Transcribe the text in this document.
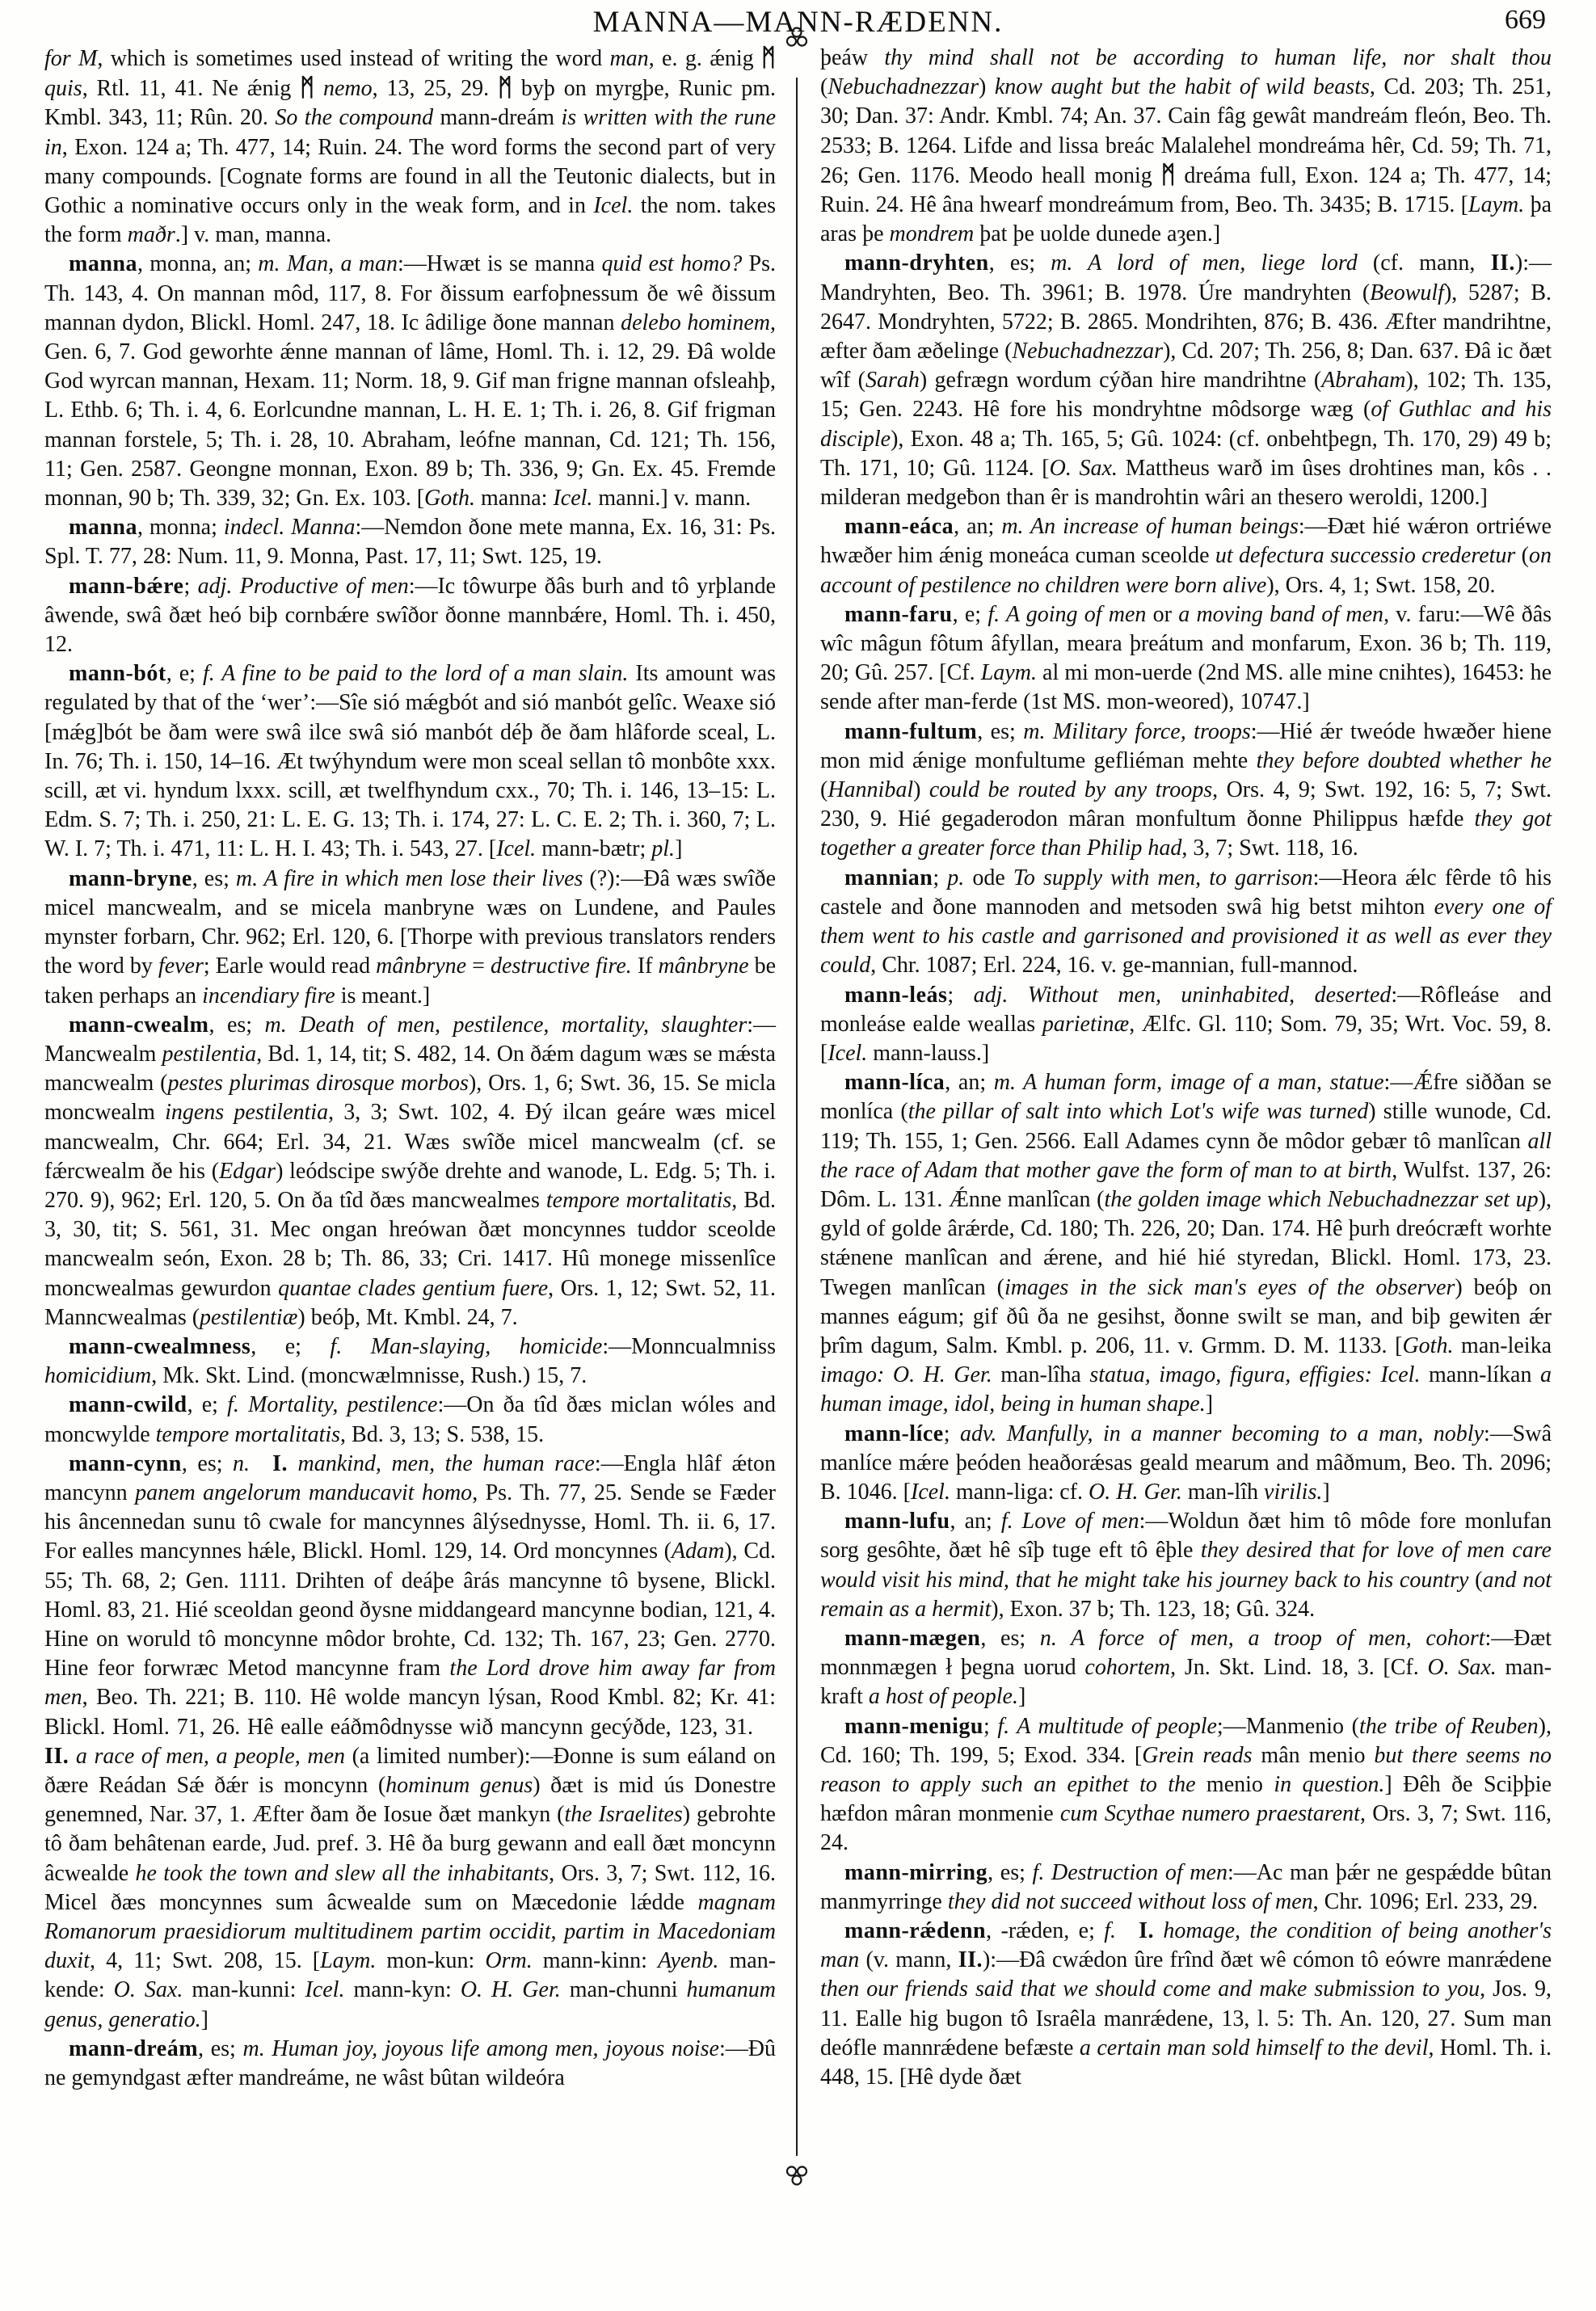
MANNA—MANN-RÆDENN.	669

for M, which is sometimes used instead of writing the word man, e. g. ǽnig ᛗ quis, Rtl. 11, 41. Ne ǽnig ᛗ nemo, 13, 25, 29. ᛗ byþ on myrgþe, Runic pm. Kmbl. 343, 11; Rûn. 20. So the compound mann-dreám is written with the rune in, Exon. 124 a; Th. 477, 14; Ruin. 24. The word forms the second part of very many compounds. [Cognate forms are found in all the Teutonic dialects, but in Gothic a nominative occurs only in the weak form, and in Icel. the nom. takes the form maðr.] v. man, manna.

manna, monna, an; m. Man, a man:—Hwæt is se manna quid est homo? Ps. Th. 143, 4. On mannan môd, 117, 8. For ðissum earfoþnessum ðe wê ðissum mannan dydon, Blickl. Homl. 247, 18. Ic âdilige ðone mannan delebo hominem, Gen. 6, 7. God geworhte ǽnne mannan of lâme, Homl. Th. i. 12, 29. Ðâ wolde God wyrcan mannan, Hexam. 11; Norm. 18, 9. Gif man frigne mannan ofsleahþ, L. Ethb. 6; Th. i. 4, 6. Eorlcundne mannan, L. H. E. 1; Th. i. 26, 8. Gif frigman mannan forstele, 5; Th. i. 28, 10. Abraham, leófne mannan, Cd. 121; Th. 156, 11; Gen. 2587. Geongne monnan, Exon. 89 b; Th. 336, 9; Gn. Ex. 45. Fremde monnan, 90 b; Th. 339, 32; Gn. Ex. 103. [Goth. manna: Icel. manni.] v. mann.

manna, monna; indecl. Manna:—Nemdon ðone mete manna, Ex. 16, 31: Ps. Spl. T. 77, 28: Num. 11, 9. Monna, Past. 17, 11; Swt. 125, 19.

mann-bǽre; adj. Productive of men:—Ic tôwurpe ðâs burh and tô yrþlande âwende, swâ ðæt heó biþ cornbǽre swîðor ðonne mannbǽre, Homl. Th. i. 450, 12.

mann-bót, e; f. A fine to be paid to the lord of a man slain. Its amount was regulated by that of the ‘wer’:—Sîe sió mǽgbót and sió manbót gelîc. Weaxe sió [mǽg]bót be ðam were swâ ilce swâ sió manbót déþ ðe ðam hlâforde sceal, L. In. 76; Th. i. 150, 14–16. Æt twýhyndum were mon sceal sellan tô monbôte xxx. scill, æt vi. hyndum lxxx. scill, æt twelfhyndum cxx., 70; Th. i. 146, 13–15: L. Edm. S. 7; Th. i. 250, 21: L. E. G. 13; Th. i. 174, 27: L. C. E. 2; Th. i. 360, 7; L. W. I. 7; Th. i. 471, 11: L. H. I. 43; Th. i. 543, 27. [Icel. mann-bætr; pl.]

mann-bryne, es; m. A fire in which men lose their lives (?):—Ðâ wæs swîðe micel mancwealm, and se micela manbryne wæs on Lundene, and Paules mynster forbarn, Chr. 962; Erl. 120, 6. [Thorpe with previous translators renders the word by fever; Earle would read mânbryne = destructive fire. If mânbryne be taken perhaps an incendiary fire is meant.]

mann-cwealm, es; m. Death of men, pestilence, mortality, slaughter:—Mancwealm pestilentia, Bd. 1, 14, tit; S. 482, 14. On ðǽm dagum wæs se mǽsta mancwealm (pestes plurimas dirosque morbos), Ors. 1, 6; Swt. 36, 15. Se micla moncwealm ingens pestilentia, 3, 3; Swt. 102, 4. Ðý ilcan geáre wæs micel mancwealm, Chr. 664; Erl. 34, 21. Wæs swîðe micel mancwealm (cf. se fǽrcwealm ðe his (Edgar) leódscipe swýðe drehte and wanode, L. Edg. 5; Th. i. 270. 9), 962; Erl. 120, 5. On ða tîd ðæs mancwealmes tempore mortalitatis, Bd. 3, 30, tit; S. 561, 31. Mec ongan hreówan ðæt moncynnes tuddor sceolde mancwealm seón, Exon. 28 b; Th. 86, 33; Cri. 1417. Hû monege missenlîce moncwealmas gewurdon quantae clades gentium fuere, Ors. 1, 12; Swt. 52, 11. Manncwealmas (pestilentiæ) beóþ, Mt. Kmbl. 24, 7.

mann-cwealmness, e; f. Man-slaying, homicide:—Monncualmniss homicidium, Mk. Skt. Lind. (moncwælmnisse, Rush.) 15, 7.

mann-cwild, e; f. Mortality, pestilence:—On ða tîd ðæs miclan wóles and moncwylde tempore mortalitatis, Bd. 3, 13; S. 538, 15.

mann-cynn, es; n.  I. mankind, men, the human race:—Engla hlâf ǽton mancynn panem angelorum manducavit homo, Ps. Th. 77, 25. Sende se Fæder his âncennedan sunu tô cwale for mancynnes âlýsednysse, Homl. Th. ii. 6, 17. For ealles mancynnes hǽle, Blickl. Homl. 129, 14. Ord moncynnes (Adam), Cd. 55; Th. 68, 2; Gen. 1111. Drihten of deáþe ârás mancynne tô bysene, Blickl. Homl. 83, 21. Hié sceoldan geond ðysne middangeard mancynne bodian, 121, 4. Hine on woruld tô moncynne môdor brohte, Cd. 132; Th. 167, 23; Gen. 2770. Hine feor forwræc Metod mancynne fram the Lord drove him away far from men, Beo. Th. 221; B. 110. Hê wolde mancyn lýsan, Rood Kmbl. 82; Kr. 41: Blickl. Homl. 71, 26. Hê ealle eáðmôdnysse wið mancynn gecýðde, 123, 31. II. a race of men, a people, men (a limited number):—Ðonne is sum eáland on ðære Reádan Sǽ ðǽr is moncynn (hominum genus) ðæt is mid ús Donestre genemned, Nar. 37, 1. Æfter ðam ðe Iosue ðæt mankyn (the Israelites) gebrohte tô ðam behâtenan earde, Jud. pref. 3. Hê ða burg gewann and eall ðæt moncynn âcwealde he took the town and slew all the inhabitants, Ors. 3, 7; Swt. 112, 16. Micel ðæs moncynnes sum âcwealde sum on Mæcedonie lǽdde magnam Romanorum praesidiorum multitudinem partim occidit, partim in Macedoniam duxit, 4, 11; Swt. 208, 15. [Laym. mon-kun: Orm. mann-kinn: Ayenb. man-kende: O. Sax. man-kunni: Icel. mann-kyn: O. H. Ger. man-chunni humanum genus, generatio.]

mann-dreám, es; m. Human joy, joyous life among men, joyous noise:—Ðû ne gemyndgast æfter mandreáme, ne wâst bûtan wildeóra

þeáw thy mind shall not be according to human life, nor shalt thou (Nebuchadnezzar) know aught but the habit of wild beasts, Cd. 203; Th. 251, 30; Dan. 37: Andr. Kmbl. 74; An. 37. Cain fâg gewât mandreám fleón, Beo. Th. 2533; B. 1264. Lifde and lissa breác Malalehel mondreáma hêr, Cd. 59; Th. 71, 26; Gen. 1176. Meodo heall monig ᛗ dreáma full, Exon. 124 a; Th. 477, 14; Ruin. 24. Hê âna hwearf mondreámum from, Beo. Th. 3435; B. 1715. [Laym. þa aras þe mondrem þat þe uolde dunede aȝen.]

mann-dryhten, es; m. A lord of men, liege lord (cf. mann, II.):—Mandryhten, Beo. Th. 3961; B. 1978. Úre mandryhten (Beowulf), 5287; B. 2647. Mondryhten, 5722; B. 2865. Mondrihten, 876; B. 436. Æfter mandrihtne, æfter ðam æðelinge (Nebuchadnezzar), Cd. 207; Th. 256, 8; Dan. 637. Ðâ ic ðæt wîf (Sarah) gefrægn wordum cýðan hire mandrihtne (Abraham), 102; Th. 135, 15; Gen. 2243. Hê fore his mondryhtne môdsorge wæg (of Guthlac and his disciple), Exon. 48 a; Th. 165, 5; Gû. 1024: (cf. onbehtþegn, Th. 170, 29) 49 b; Th. 171, 10; Gû. 1124. [O. Sax. Mattheus warð im ûses drohtines man, kôs . . milderan medgeƀon than êr is mandrohtin wâri an thesero weroldi, 1200.]

mann-eáca, an; m. An increase of human beings:—Ðæt hié wǽron ortriéwe hwæðer him ǽnig moneáca cuman sceolde ut defectura successio crederetur (on account of pestilence no children were born alive), Ors. 4, 1; Swt. 158, 20.

mann-faru, e; f. A going of men or a moving band of men, v. faru:—Wê ðâs wîc mâgun fôtum âfyllan, meara þreátum and monfarum, Exon. 36 b; Th. 119, 20; Gû. 257. [Cf. Laym. al mi mon-uerde (2nd MS. alle mine cnihtes), 16453: he sende after man-ferde (1st MS. mon-weored), 10747.]

mann-fultum, es; m. Military force, troops:—Hié ǽr tweóde hwæðer hiene mon mid ǽnige monfultume gefliéman mehte they before doubted whether he (Hannibal) could be routed by any troops, Ors. 4, 9; Swt. 192, 16: 5, 7; Swt. 230, 9. Hié gegaderodon mâran monfultum ðonne Philippus hæfde they got together a greater force than Philip had, 3, 7; Swt. 118, 16.

mannian; p. ode To supply with men, to garrison:—Heora ǽlc fêrde tô his castele and ðone mannoden and metsoden swâ hig betst mihton every one of them went to his castle and garrisoned and provisioned it as well as ever they could, Chr. 1087; Erl. 224, 16. v. ge-mannian, full-mannod.

mann-leás; adj. Without men, uninhabited, deserted:—Rôfleáse and monleáse ealde weallas parietinæ, Ælfc. Gl. 110; Som. 79, 35; Wrt. Voc. 59, 8. [Icel. mann-lauss.]

mann-líca, an; m. A human form, image of a man, statue:—Ǽfre siððan se monlíca (the pillar of salt into which Lot's wife was turned) stille wunode, Cd. 119; Th. 155, 1; Gen. 2566. Eall Adames cynn ðe môdor gebær tô manlîcan all the race of Adam that mother gave the form of man to at birth, Wulfst. 137, 26: Dôm. L. 131. Ǽnne manlîcan (the golden image which Nebuchadnezzar set up), gyld of golde ârǽrde, Cd. 180; Th. 226, 20; Dan. 174. Hê þurh dreócræft worhte stǽnene manlîcan and ǽrene, and hié hié styredan, Blickl. Homl. 173, 23. Twegen manlîcan (images in the sick man's eyes of the observer) beóþ on mannes eágum; gif ðû ða ne gesihst, ðonne swilt se man, and biþ gewiten ǽr þrîm dagum, Salm. Kmbl. p. 206, 11. v. Grmm. D. M. 1133. [Goth. man-leika imago: O. H. Ger. man-lîha statua, imago, figura, effigies: Icel. mann-líkan a human image, idol, being in human shape.]

mann-líce; adv. Manfully, in a manner becoming to a man, nobly:—Swâ manlíce mǽre þeóden heaðorǽsas geald mearum and mâðmum, Beo. Th. 2096; B. 1046. [Icel. mann-liga: cf. O. H. Ger. man-lîh virilis.]

mann-lufu, an; f. Love of men:—Woldun ðæt him tô môde fore monlufan sorg gesôhte, ðæt hê sîþ tuge eft tô êþle they desired that for love of men care would visit his mind, that he might take his journey back to his country (and not remain as a hermit), Exon. 37 b; Th. 123, 18; Gû. 324.

mann-mægen, es; n. A force of men, a troop of men, cohort:—Ðæt monnmægen ł þegna uorud cohortem, Jn. Skt. Lind. 18, 3. [Cf. O. Sax. man-kraft a host of people.]

mann-menigu; f. A multitude of people;—Manmenio (the tribe of Reuben), Cd. 160; Th. 199, 5; Exod. 334. [Grein reads mân menio but there seems no reason to apply such an epithet to the menio in question.] Ðêh ðe Sciþþie hæfdon mâran monmenie cum Scythae numero praestarent, Ors. 3, 7; Swt. 116, 24.

mann-mirring, es; f. Destruction of men:—Ac man þǽr ne gespǽdde bûtan manmyrringe they did not succeed without loss of men, Chr. 1096; Erl. 233, 29.

mann-rǽdenn, -rǽden, e; f.  I. homage, the condition of being another's man (v. mann, II.):—Ðâ cwǽdon ûre frînd ðæt wê cómon tô eówre manrǽdene then our friends said that we should come and make submission to you, Jos. 9, 11. Ealle hig bugon tô Israêla manrǽdene, 13, l. 5: Th. An. 120, 27. Sum man deófle mannrǽdene befæste a certain man sold himself to the devil, Homl. Th. i. 448, 15. [Hê dyde ðæt
